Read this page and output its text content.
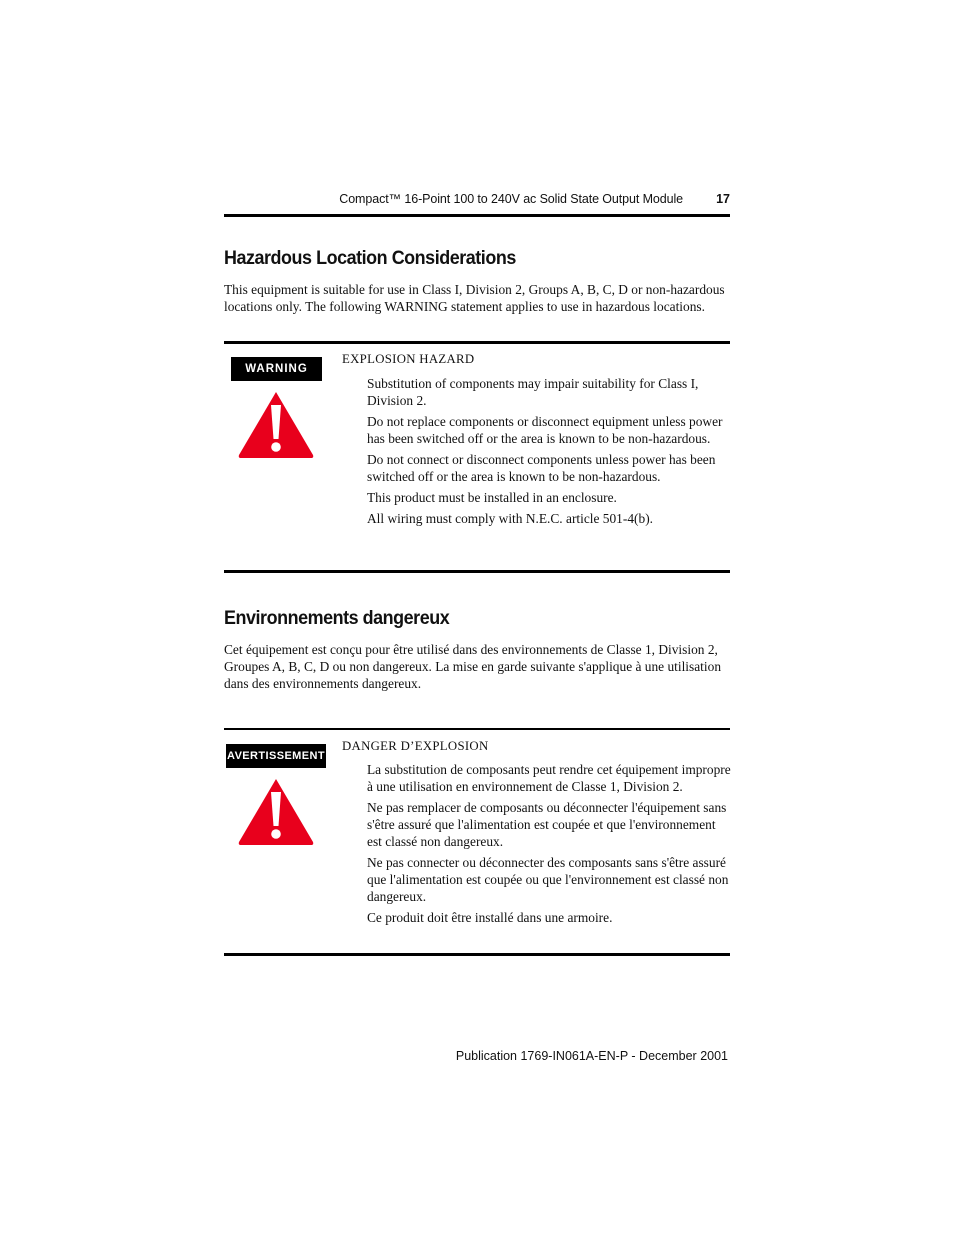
Compact™ 16-Point 100 to 240V ac Solid State Output Module	17
Hazardous Location Considerations

This equipment is suitable for use in Class I, Division 2, Groups A, B, C, D or non-hazardous locations only. The following WARNING statement applies to use in hazardous locations.

WARNING
EXPLOSION HAZARD

Substitution of components may impair suitability for Class I, Division 2.

Do not replace components or disconnect equipment unless power has been switched off or the area is known to be non-hazardous.

Do not connect or disconnect components unless power has been switched off or the area is known to be non-hazardous.

This product must be installed in an enclosure.

All wiring must comply with N.E.C. article 501-4(b).

Environnements dangereux

Cet équipement est conçu pour être utilisé dans des environnements de Classe 1, Division 2, Groupes A, B, C, D ou non dangereux. La mise en garde suivante s'applique à une utilisation dans des environnements dangereux.

AVERTISSEMENT
DANGER D’EXPLOSION

La substitution de composants peut rendre cet équipement impropre à une utilisation en environnement de Classe 1, Division 2.

Ne pas remplacer de composants ou déconnecter l'équipement sans s'être assuré que l'alimentation est coupée et que l'environnement est classé non dangereux.

Ne pas connecter ou déconnecter des composants sans s'être assuré que l'alimentation est coupée ou que l'environnement est classé non dangereux.

Ce produit doit être installé dans une armoire.

Publication 1769-IN061A-EN-P - December 2001
